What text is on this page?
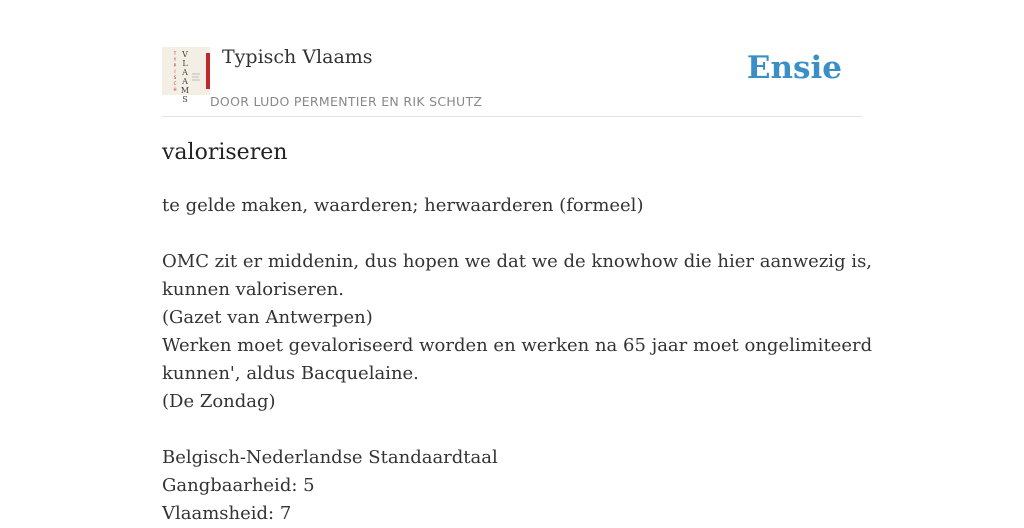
V
L
A
A
M
S
T
Y
P
I
S
C
H
Typisch Vlaams
DOOR LUDO PERMENTIER EN RIK SCHUTZ
Ensie
valoriseren
te gelde maken, waarderen; herwaarderen (formeel)
OMC zit er middenin, dus hopen we dat we de knowhow die hier aanwezig is,
kunnen valoriseren.
(Gazet van Antwerpen)
Werken moet gevaloriseerd worden en werken na 65 jaar moet ongelimiteerd
kunnen', aldus Bacquelaine.
(De Zondag)
Belgisch-Nederlandse Standaardtaal
Gangbaarheid: 5
Vlaamsheid: 7
